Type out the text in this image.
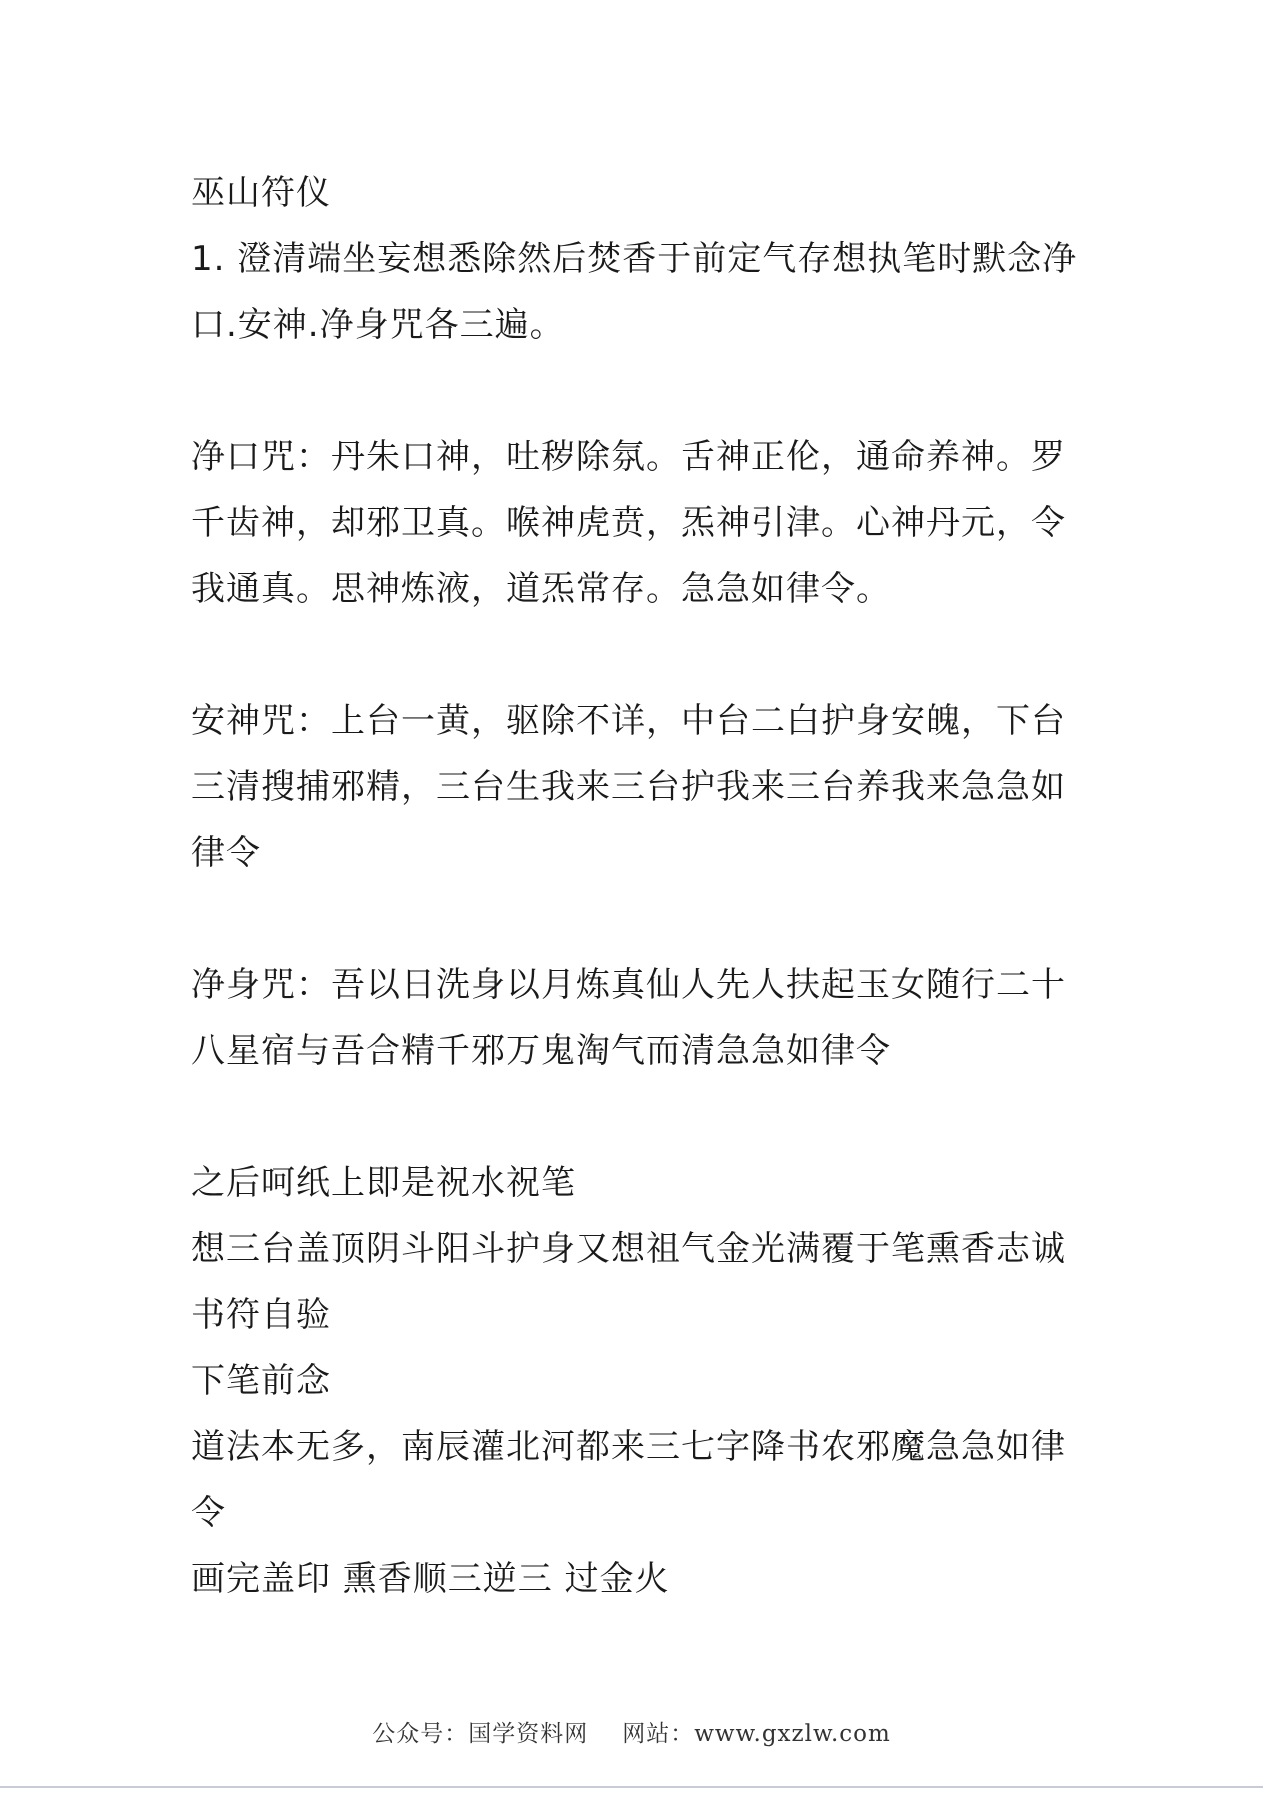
巫山符仪

1. 澄清端坐妄想悉除然后焚香于前定气存想执笔时默念净口.安神.净身咒各三遍。

净口咒：丹朱口神，吐秽除氛。舌神正伦，通命养神。罗千齿神，却邪卫真。喉神虎贲，炁神引津。心神丹元，令我通真。思神炼液，道炁常存。急急如律令。

安神咒：上台一黄，驱除不详，中台二白护身安魄，下台三清搜捕邪精，三台生我来三台护我来三台养我来急急如律令

净身咒：吾以日洗身以月炼真仙人先人扶起玉女随行二十八星宿与吾合精千邪万鬼淘气而清急急如律令

之后呵纸上即是祝水祝笔

想三台盖顶阴斗阳斗护身又想祖气金光满覆于笔熏香志诚书符自验

下笔前念

道法本无多，南辰灌北河都来三七字降书农邪魔急急如律令

画完盖印 熏香顺三逆三 过金火

公众号：国学资料网 网站：www.gxzlw.com
